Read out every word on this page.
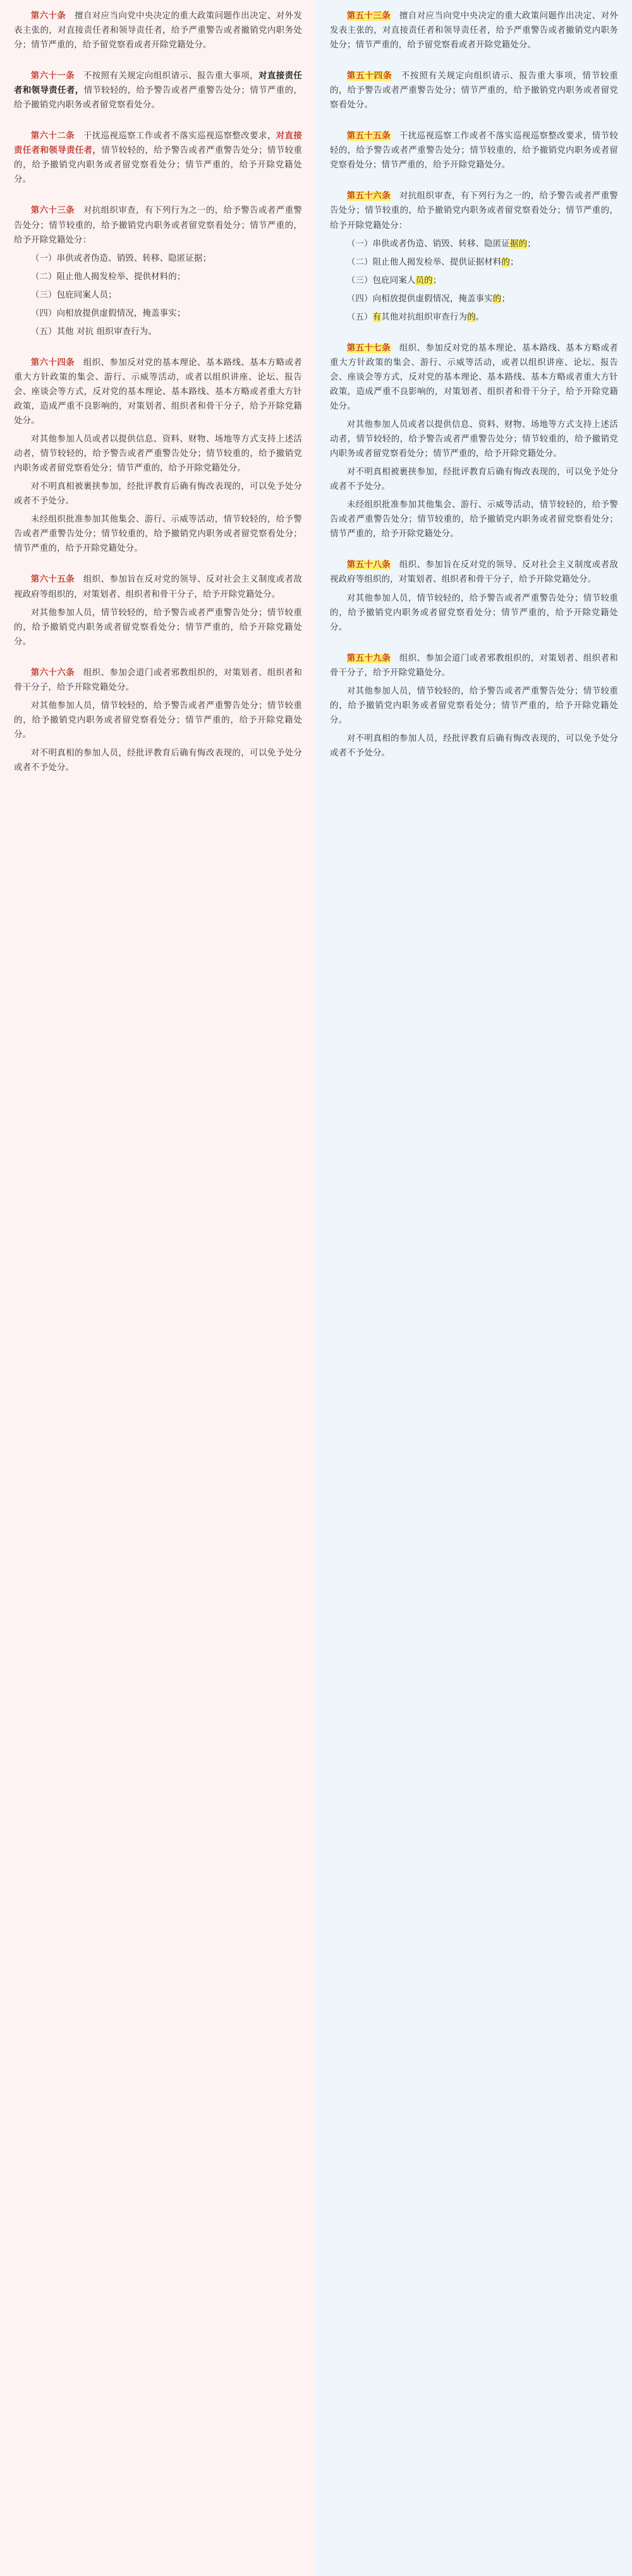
第六十条　擅自对应当向党中央决定的重大政策问题作出决定、对外发表主张的，对直接责任者和领导责任者，给予严重警告或者撤销党内职务处分；情节严重的，给予留党察看或者开除党籍处分。

第六十一条　不按照有关规定向组织请示、报告重大事项，对直接责任者和领导责任者，情节较轻的，给予警告或者严重警告处分；情节严重的，给予撤销党内职务或者留党察看处分。

第六十二条　干扰巡视巡察工作或者不落实巡视巡察整改要求，对直接责任者和领导责任者，情节较轻的，给予警告或者严重警告处分；情节较重的，给予撤销党内职务或者留党察看处分；情节严重的，给予开除党籍处分。

第六十三条　对抗组织审查，有下列行为之一的，给予警告或者严重警告处分；情节较重的，给予撤销党内职务或者留党察看处分；情节严重的，给予开除党籍处分：

（一）串供或者伪造、销毁、转移、隐匿证据；

（二）阻止他人揭发检举、提供材料的；

（三）包庇同案人员；

（四）向相放提供虚假情况，掩盖事实；

（五）其他 对抗 组织审查行为。

第六十四条　组织、参加反对党的基本理论、基本路线、基本方略或者重大方针政策的集会、游行、示威等活动，或者以组织讲座、论坛、报告会、座谈会等方式，反对党的基本理论、基本路线、基本方略或者重大方针政策，造成严重不良影响的，对策划者、组织者和骨干分子，给予开除党籍处分。

对其他参加人员或者以提供信息、资料、财物、场地等方式支持上述活动者，情节较轻的，给予警告或者严重警告处分；情节较重的，给予撤销党内职务或者留党察看处分；情节严重的，给予开除党籍处分。

对不明真相被裹挟参加，经批评教育后确有悔改表现的，可以免予处分或者不予处分。

未经组织批准参加其他集会、游行、示威等活动，情节较轻的，给予警告或者严重警告处分；情节较重的，给予撤销党内职务或者留党察看处分；情节严重的，给予开除党籍处分。

第六十五条　组织、参加旨在反对党的领导、反对社会主义制度或者敌视政府等组织的，对策划者、组织者和骨干分子，给予开除党籍处分。

对其他参加人员，情节较轻的，给予警告或者严重警告处分；情节较重的，给予撤销党内职务或者留党察看处分；情节严重的，给予开除党籍处分。

第六十六条　组织、参加会道门或者邪教组织的，对策划者、组织者和骨干分子，给予开除党籍处分。

对其他参加人员，情节较轻的，给予警告或者严重警告处分；情节较重的，给予撤销党内职务或者留党察看处分；情节严重的，给予开除党籍处分。

对不明真相的参加人员，经批评教育后确有悔改表现的，可以免予处分或者不予处分。

第五十三条　擅自对应当向党中央决定的重大政策问题作出决定、对外发表主张的，对直接责任者和领导责任者，给予严重警告或者撤销党内职务处分；情节严重的，给予留党察看或者开除党籍处分。

第五十四条　不按照有关规定向组织请示、报告重大事项，情节较重的，给予警告或者严重警告处分；情节严重的，给予撤销党内职务或者留党察看处分。

第五十五条　干扰巡视巡察工作或者不落实巡视巡察整改要求，情节较轻的，给予警告或者严重警告处分；情节较重的，给予撤销党内职务或者留党察看处分；情节严重的，给予开除党籍处分。

第五十六条　对抗组织审查，有下列行为之一的，给予警告或者严重警告处分；情节较重的，给予撤销党内职务或者留党察看处分；情节严重的，给予开除党籍处分：

（一）串供或者伪造、销毁、转移、隐匿证据的；

（二）阻止他人揭发检举、提供证据材料的；

（三）包庇同案人员的；

（四）向相放提供虚假情况，掩盖事实的；

（五）有其他对抗组织审查行为的。

第五十七条　组织、参加反对党的基本理论、基本路线、基本方略或者重大方针政策的集会、游行、示威等活动，或者以组织讲座、论坛、报告会、座谈会等方式，反对党的基本理论、基本路线、基本方略或者重大方针政策，造成严重不良影响的，对策划者、组织者和骨干分子，给予开除党籍处分。

对其他参加人员或者以提供信息、资料、财物、场地等方式支持上述活动者，情节较轻的，给予警告或者严重警告处分；情节较重的，给予撤销党内职务或者留党察看处分；情节严重的，给予开除党籍处分。

对不明真相被裹挟参加，经批评教育后确有悔改表现的，可以免予处分或者不予处分。

未经组织批准参加其他集会、游行、示威等活动，情节较轻的，给予警告或者严重警告处分；情节较重的，给予撤销党内职务或者留党察看处分；情节严重的，给予开除党籍处分。

第五十八条　组织、参加旨在反对党的领导、反对社会主义制度或者敌视政府等组织的，对策划者、组织者和骨干分子，给予开除党籍处分。

对其他参加人员，情节较轻的，给予警告或者严重警告处分；情节较重的，给予撤销党内职务或者留党察看处分；情节严重的，给予开除党籍处分。

第五十九条　组织、参加会道门或者邪教组织的，对策划者、组织者和骨干分子，给予开除党籍处分。

对其他参加人员，情节较轻的，给予警告或者严重警告处分；情节较重的，给予撤销党内职务或者留党察看处分；情节严重的，给予开除党籍处分。

对不明真相的参加人员，经批评教育后确有悔改表现的，可以免予处分或者不予处分。
